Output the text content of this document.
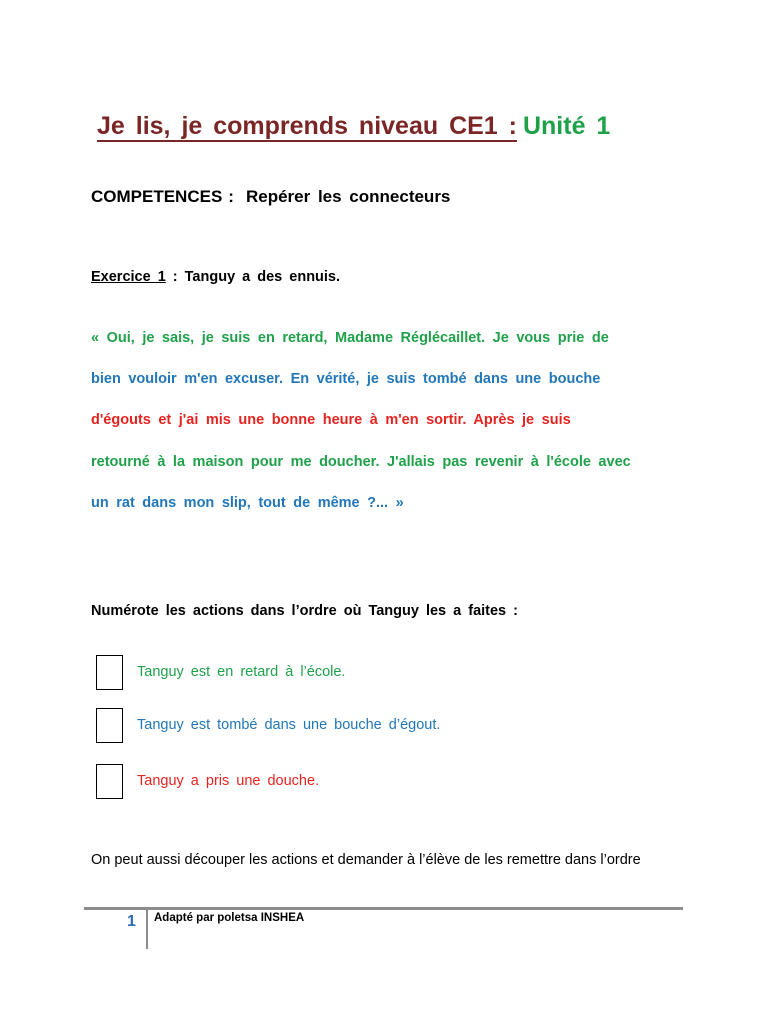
Je lis, je comprends niveau CE1 : Unité 1
COMPETENCES : Repérer les connecteurs
Exercice 1 : Tanguy a des ennuis.
« Oui, je sais, je suis en retard, Madame Réglécaillet. Je vous prie de
bien vouloir m'en excuser. En vérité, je suis tombé dans une bouche
d'égouts et j'ai mis une bonne heure à m'en sortir. Après je suis
retourné à la maison pour me doucher. J'allais pas revenir à l'école avec
un rat dans mon slip, tout de même ?... »
Numérote les actions dans l’ordre où Tanguy les a faites :
Tanguy est en retard à l’école.
Tanguy est tombé dans une bouche d’égout.
Tanguy a pris une douche.
On peut aussi découper les actions et demander à l’élève de les remettre dans l’ordre
1 Adapté par poletsa INSHEA
